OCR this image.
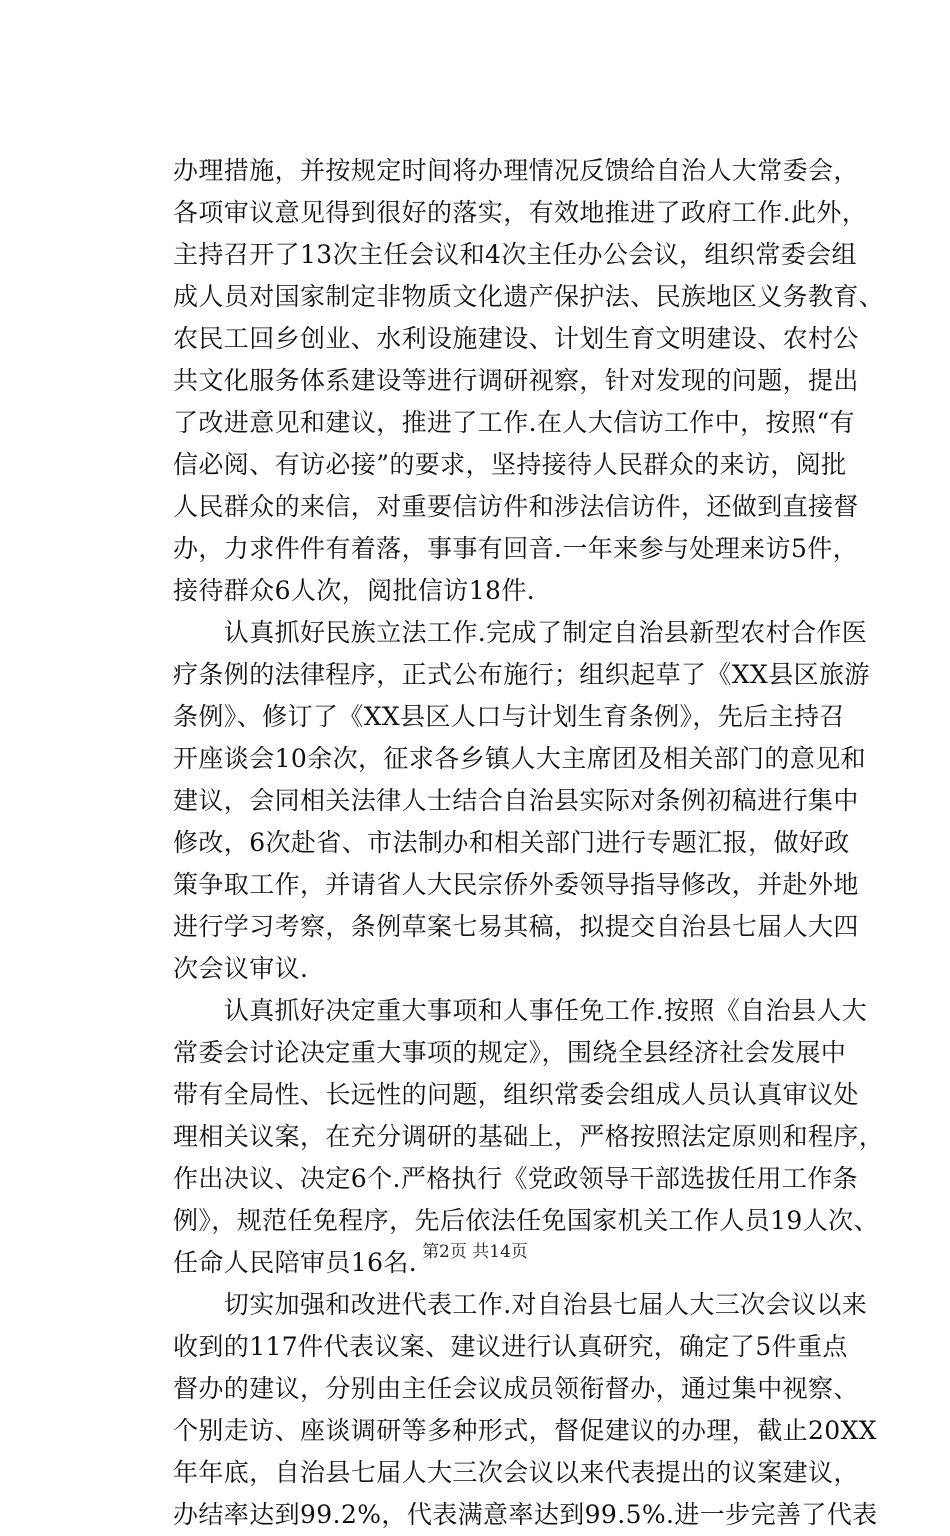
办理措施，并按规定时间将办理情况反馈给自治人大常委会，
各项审议意见得到很好的落实，有效地推进了政府工作.此外，
主持召开了13次主任会议和4次主任办公会议，组织常委会组
成人员对国家制定非物质文化遗产保护法、民族地区义务教育、
农民工回乡创业、水利设施建设、计划生育文明建设、农村公
共文化服务体系建设等进行调研视察，针对发现的问题，提出
了改进意见和建议，推进了工作.在人大信访工作中，按照“有
信必阅、有访必接”的要求，坚持接待人民群众的来访，阅批
人民群众的来信，对重要信访件和涉法信访件，还做到直接督
办，力求件件有着落，事事有回音.一年来参与处理来访5件，
接待群众6人次，阅批信访18件.
　　认真抓好民族立法工作.完成了制定自治县新型农村合作医
疗条例的法律程序，正式公布施行；组织起草了《XX县区旅游
条例》、修订了《XX县区人口与计划生育条例》，先后主持召
开座谈会10余次，征求各乡镇人大主席团及相关部门的意见和
建议，会同相关法律人士结合自治县实际对条例初稿进行集中
修改，6次赴省、市法制办和相关部门进行专题汇报，做好政
策争取工作，并请省人大民宗侨外委领导指导修改，并赴外地
进行学习考察，条例草案七易其稿，拟提交自治县七届人大四
次会议审议.
　　认真抓好决定重大事项和人事任免工作.按照《自治县人大
常委会讨论决定重大事项的规定》，围绕全县经济社会发展中
带有全局性、长远性的问题，组织常委会组成人员认真审议处
理相关议案，在充分调研的基础上，严格按照法定原则和程序，
作出决议、决定6个.严格执行《党政领导干部选拔任用工作条
例》，规范任免程序，先后依法任免国家机关工作人员19人次、
任命人民陪审员16名.
　　切实加强和改进代表工作.对自治县七届人大三次会议以来
收到的117件代表议案、建议进行认真研究，确定了5件重点
督办的建议，分别由主任会议成员领衔督办，通过集中视察、
个别走访、座谈调研等多种形式，督促建议的办理，截止20XX
年年底，自治县七届人大三次会议以来代表提出的议案建议，
办结率达到99.2%，代表满意率达到99.5%.进一步完善了代表
第2页 共14页
